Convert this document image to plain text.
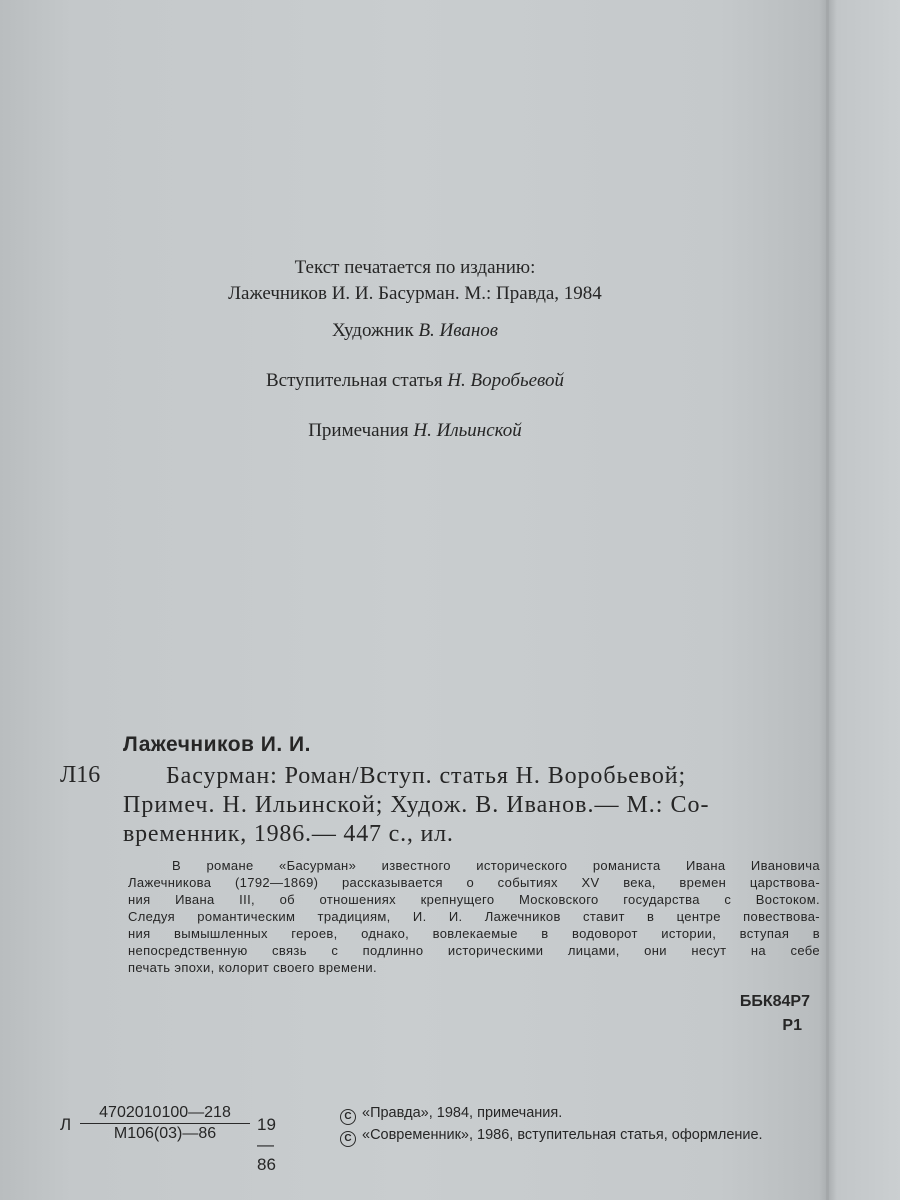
Текст печатается по изданию:
Лажечников И. И. Басурман. М.: Правда, 1984
Художник В. Иванов
Вступительная статья Н. Воробьевой
Примечания Н. Ильинской
Лажечников И. И.
Л16	Басурман: Роман/Вступ. статья Н. Воробьевой;
Примеч. Н. Ильинской; Худож. В. Иванов.— М.: Со-
временник, 1986.— 447 с., ил.
В романе «Басурман» известного исторического романиста Ивана Ивановича
Лажечникова (1792—1869) рассказывается о событиях XV века, времен царствова-
ния Ивана III, об отношениях крепнущего Московского государства с Востоком.
Следуя романтическим традициям, И. И. Лажечников ставит в центре повествова-
ния вымышленных героев, однако, вовлекаемые в водоворот истории, вступая в
непосредственную связь с подлинно историческими лицами, они несут на себе
печать эпохи, колорит своего времени.
ББК84Р7
Р1
Л
4702010100—218
М106(03)—86	19—86
C «Правда», 1984, примечания.
C «Современник», 1986, вступительная статья, оформление.
